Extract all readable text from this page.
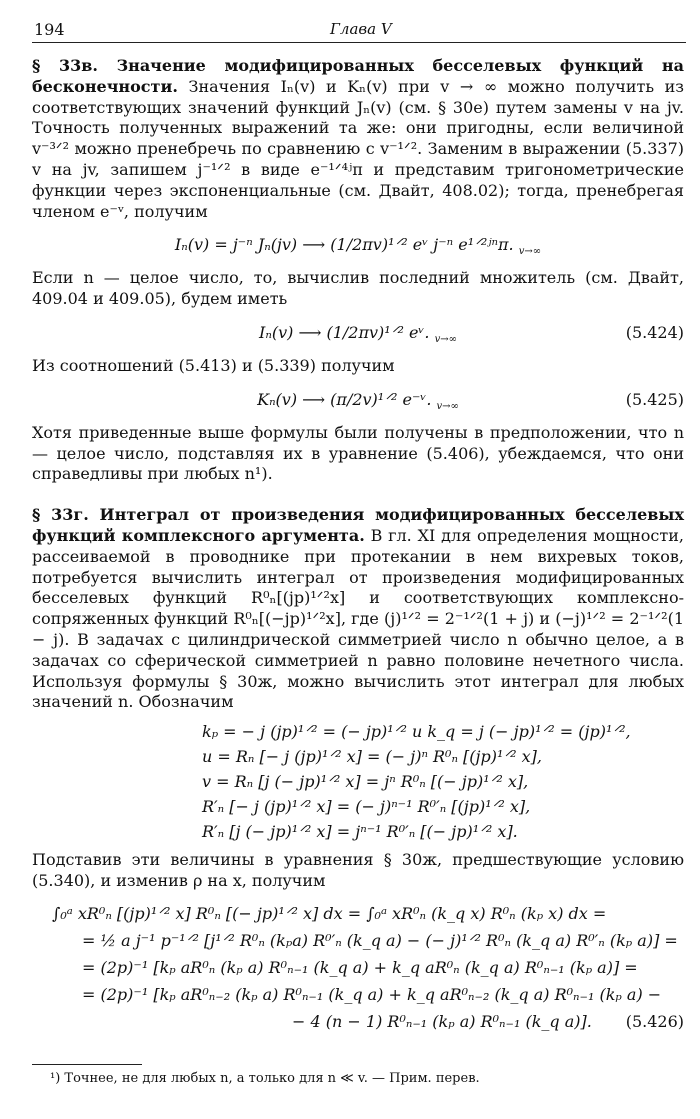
194	Глава V

§ 33в. Значение модифицированных бесселевых функций на бесконечности. Значения Iₙ(v) и Kₙ(v) при v → ∞ можно получить из соответствующих значений функций Jₙ(v) (см. § 30е) путем замены v на jv. Точность полученных выражений та же: они пригодны, если величиной v⁻³ᐟ² можно пренебречь по сравнению с v⁻¹ᐟ². Заменим в выражении (5.337) v на jv, запишем j⁻¹ᐟ² в виде e⁻¹ᐟ⁴ʲπ и представим тригонометрические функции через экспоненциальные (см. Двайт, 408.02); тогда, пренебрегая членом e⁻ᵛ, получим

Iₙ(v) = j⁻ⁿ Jₙ(jv) ⟶ (1/2πv)¹ᐟ² eᵛ j⁻ⁿ e¹ᐟ²ʲⁿπ. $_{v\to\infty}$

Если n — целое число, то, вычислив последний множитель (см. Двайт, 409.04 и 409.05), будем иметь

Iₙ(v) ⟶ (1/2πv)¹ᐟ² eᵛ. $_{v\to\infty}$	(5.424)

Из соотношений (5.413) и (5.339) получим

Kₙ(v) ⟶ (π/2v)¹ᐟ² e⁻ᵛ. $_{v\to\infty}$	(5.425)

Хотя приведенные выше формулы были получены в предположении, что n — целое число, подставляя их в уравнение (5.406), убеждаемся, что они справедливы при любых n¹).

§ 33г. Интеграл от произведения модифицированных бесселевых функций комплексного аргумента. В гл. XI для определения мощности, рассеиваемой в проводнике при протекании в нем вихревых токов, потребуется вычислить интеграл от произведения модифицированных бесселевых функций R⁰ₙ[(jp)¹ᐟ²x] и соответствующих комплексно-сопряженных функций R⁰ₙ[(−jp)¹ᐟ²x], где (j)¹ᐟ² = 2⁻¹ᐟ²(1 + j) и (−j)¹ᐟ² = 2⁻¹ᐟ²(1 − j). В задачах с цилиндрической симметрией число n обычно целое, а в задачах со сферической симметрией n равно половине нечетного числа. Используя формулы § 30ж, можно вычислить этот интеграл для любых значений n. Обозначим

kₚ = − j (jp)¹ᐟ² = (− jp)¹ᐟ² и k_q = j (− jp)¹ᐟ² = (jp)¹ᐟ²,
u = Rₙ [− j (jp)¹ᐟ² x] = (− j)ⁿ R⁰ₙ [(jp)¹ᐟ² x],
v = Rₙ [j (− jp)¹ᐟ² x] = jⁿ R⁰ₙ [(− jp)¹ᐟ² x],
R′ₙ [− j (jp)¹ᐟ² x] = (− j)ⁿ⁻¹ R⁰′ₙ [(jp)¹ᐟ² x],
R′ₙ [j (− jp)¹ᐟ² x] = jⁿ⁻¹ R⁰′ₙ [(− jp)¹ᐟ² x].

Подставив эти величины в уравнения § 30ж, предшествующие условию (5.340), и изменив ρ на x, получим

∫₀ᵃ xR⁰ₙ [(jp)¹ᐟ² x] R⁰ₙ [(− jp)¹ᐟ² x] dx = ∫₀ᵃ xR⁰ₙ (k_q x) R⁰ₙ (kₚ x) dx =
= ½ a j⁻¹ p⁻¹ᐟ² [j¹ᐟ² R⁰ₙ (kₚa) R⁰′ₙ (k_q a) − (− j)¹ᐟ² R⁰ₙ (k_q a) R⁰′ₙ (kₚ a)] =
= (2p)⁻¹ [kₚ aR⁰ₙ (kₚ a) R⁰ₙ₋₁ (k_q a) + k_q aR⁰ₙ (k_q a) R⁰ₙ₋₁ (kₚ a)] =
= (2p)⁻¹ [kₚ aR⁰ₙ₋₂ (kₚ a) R⁰ₙ₋₁ (k_q a) + k_q aR⁰ₙ₋₂ (k_q a) R⁰ₙ₋₁ (kₚ a) −
− 4 (n − 1) R⁰ₙ₋₁ (kₚ a) R⁰ₙ₋₁ (k_q a)]. (5.426)
¹) Точнее, не для любых n, а только для n ≪ v. — Прим. перев.
